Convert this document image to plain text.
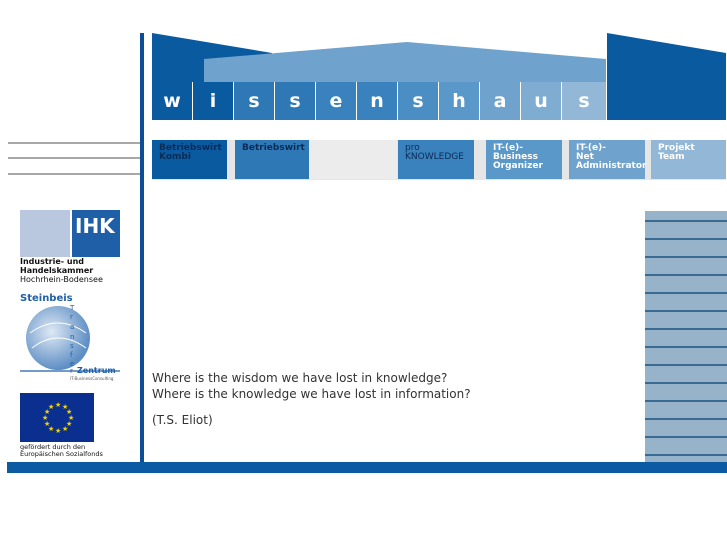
w	i	s	s	e	n	s	h	a	u	s
Betriebswirt
Kombi
Betriebswirt	pro
KNOWLEDGE
IT-(e)-
Business
Organizer
IT-(e)-
Net
Administrator
Projekt
Team
Where is the wisdom we have lost in knowledge?
Where is the knowledge we have lost in information?
(T.S. Eliot)
IHK
Industrie- und
Handelskammer
Hochrhein-Bodensee
Steinbeis
T
r
a
n
s
f
e
r Zentrum
IT-BusinessConsulting
★ ★
★
★
★
★
★
★
★
★
★
★
gefördert durch den
Europäischen Sozialfonds
